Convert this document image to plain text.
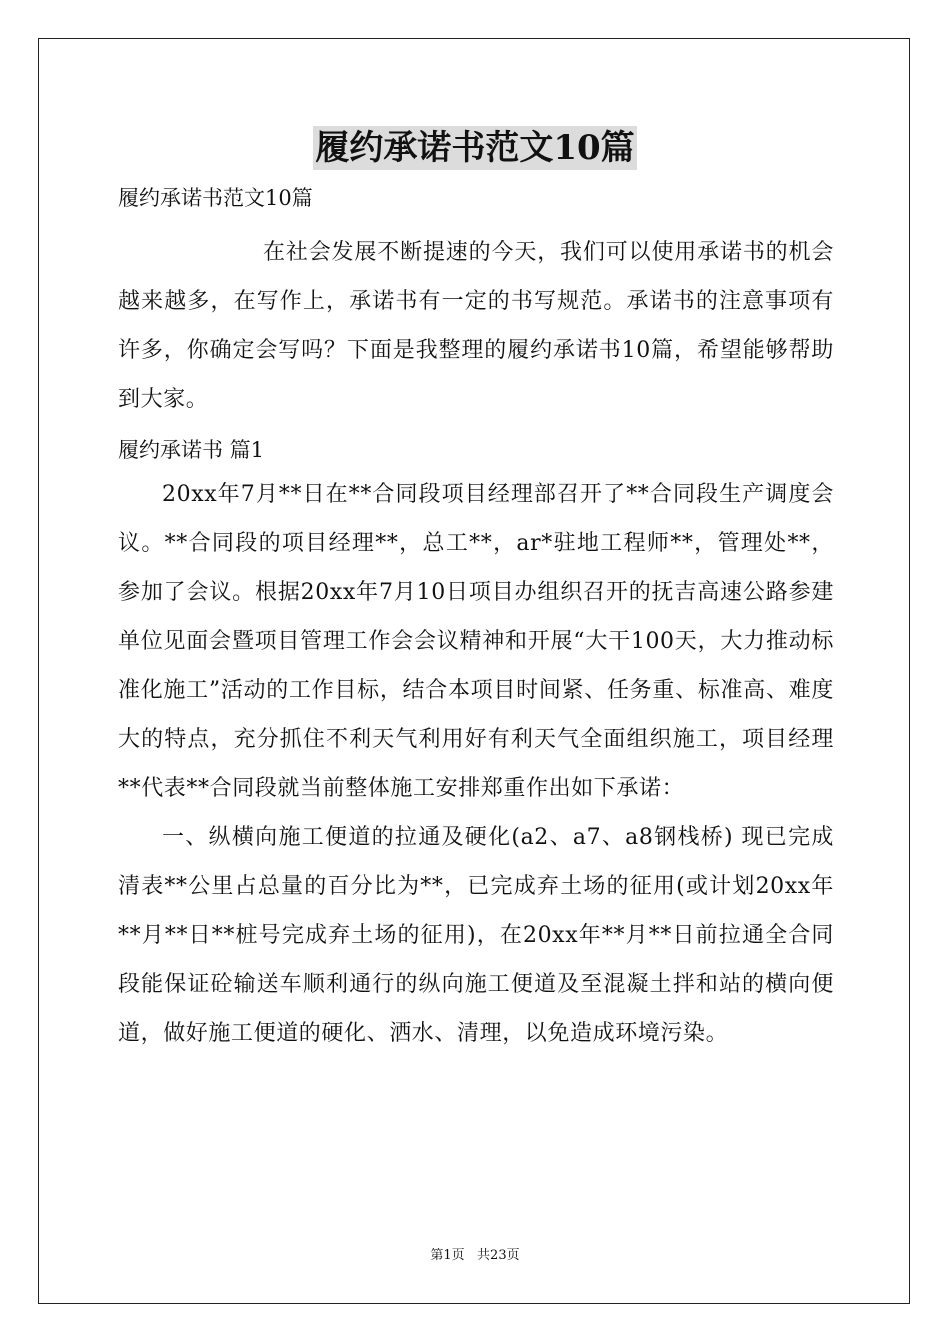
履约承诺书范文10篇

履约承诺书范文10篇

在社会发展不断提速的今天，我们可以使用承诺书的机会越来越多，在写作上，承诺书有一定的书写规范。承诺书的注意事项有许多，你确定会写吗？下面是我整理的履约承诺书10篇，希望能够帮助到大家。

履约承诺书 篇1

20xx年7月**日在**合同段项目经理部召开了**合同段生产调度会议。**合同段的项目经理**，总工**，ar*驻地工程师**，管理处**，参加了会议。根据20xx年7月10日项目办组织召开的抚吉高速公路参建单位见面会暨项目管理工作会会议精神和开展“大干100天，大力推动标准化施工”活动的工作目标，结合本项目时间紧、任务重、标准高、难度大的特点，充分抓住不利天气利用好有利天气全面组织施工，项目经理**代表**合同段就当前整体施工安排郑重作出如下承诺：

一、纵横向施工便道的拉通及硬化(a2、a7、a8钢栈桥) 现已完成清表**公里占总量的百分比为**，已完成弃土场的征用(或计划20xx年**月**日**桩号完成弃土场的征用)，在20xx年**月**日前拉通全合同段能保证砼输送车顺利通行的纵向施工便道及至混凝土拌和站的横向便道，做好施工便道的硬化、洒水、清理，以免造成环境污染。

第1页   共23页
